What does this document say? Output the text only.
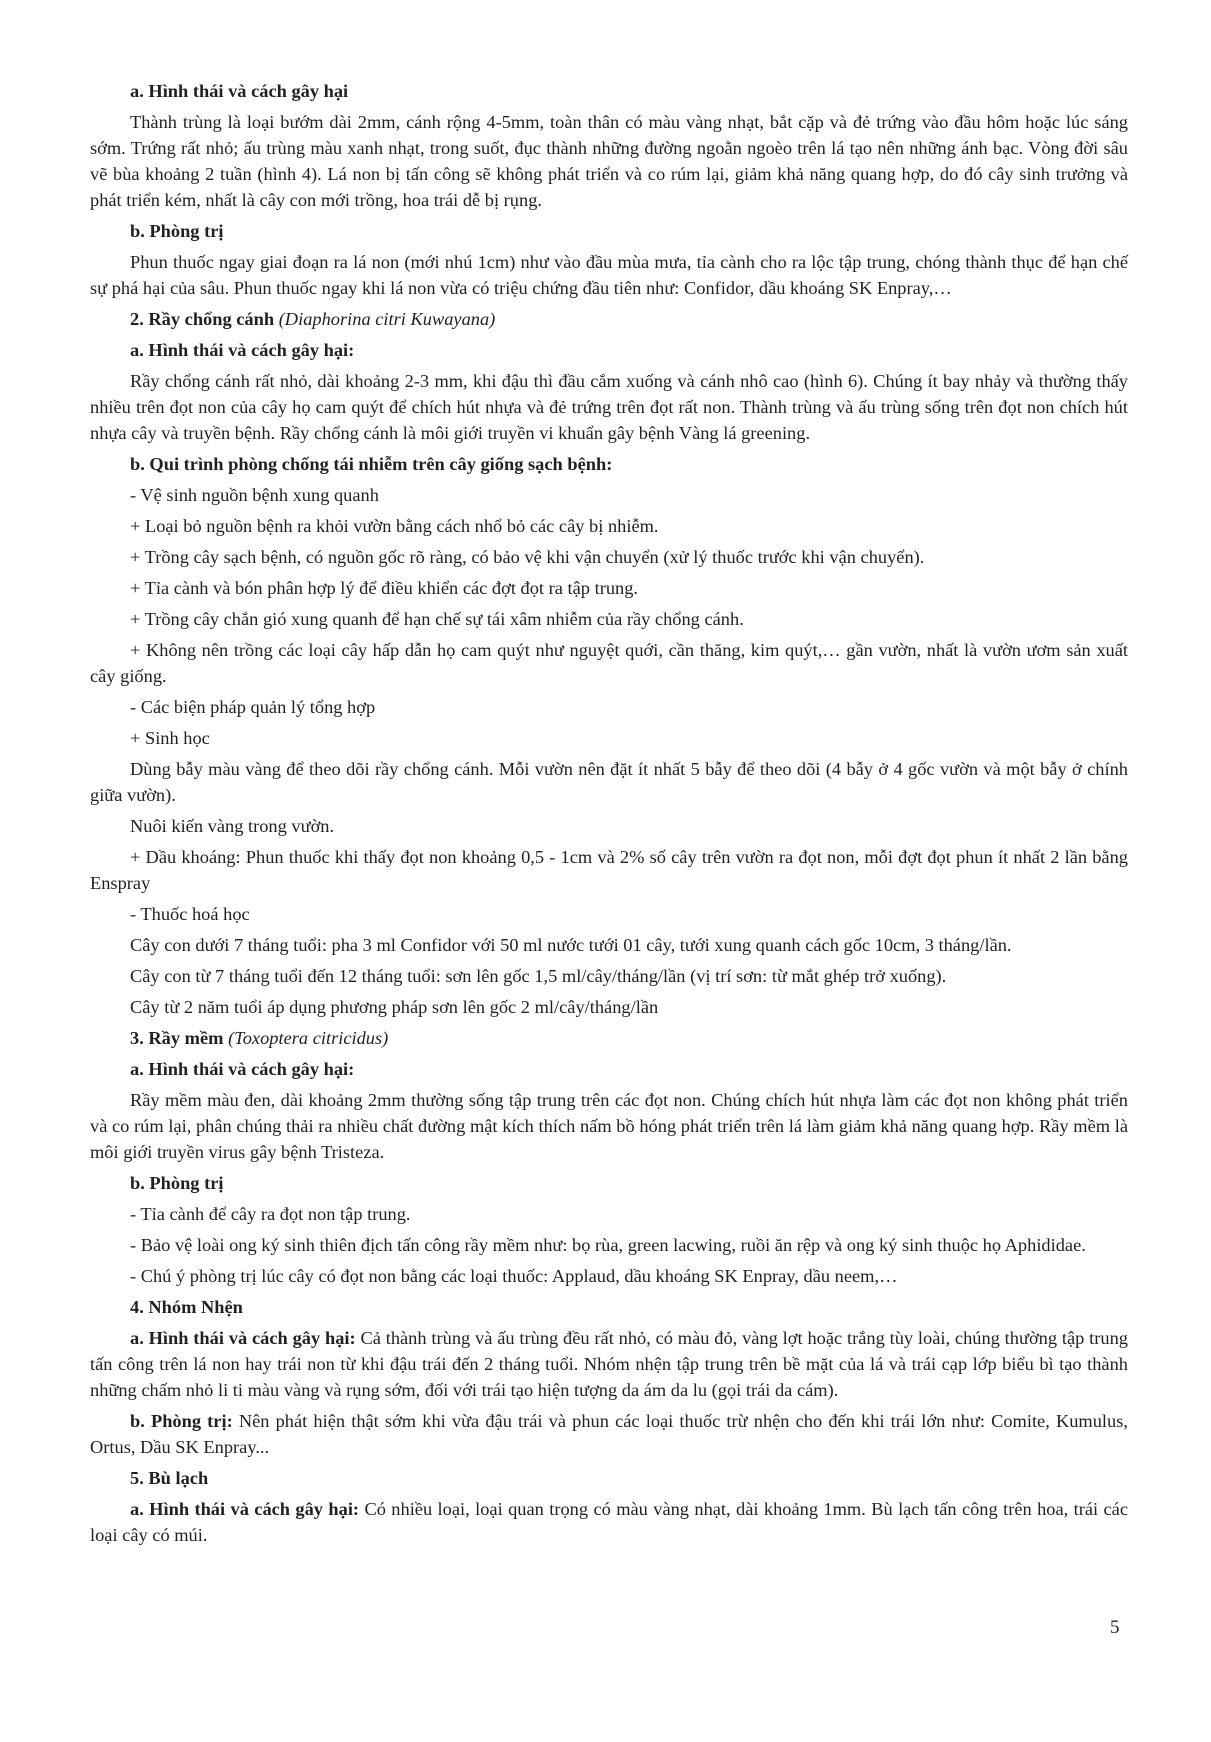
a. Hình thái và cách gây hại
Thành trùng là loại bướm dài 2mm, cánh rộng 4-5mm, toàn thân có màu vàng nhạt, bắt cặp và đẻ trứng vào đầu hôm hoặc lúc sáng sớm. Trứng rất nhỏ; ấu trùng màu xanh nhạt, trong suốt, đục thành những đường ngoằn ngoèo trên lá tạo nên những ánh bạc. Vòng đời sâu vẽ bùa khoảng 2 tuần (hình 4). Lá non bị tấn công sẽ không phát triển và co rúm lại, giảm khả năng quang hợp, do đó cây sinh trưởng và phát triển kém, nhất là cây con mới trồng, hoa trái dễ bị rụng.
b. Phòng trị
Phun thuốc ngay giai đoạn ra lá non (mới nhú 1cm) như vào đầu mùa mưa, tỉa cành cho ra lộc tập trung, chóng thành thục để hạn chế sự phá hại của sâu. Phun thuốc ngay khi lá non vừa có triệu chứng đầu tiên như: Confidor, dầu khoáng SK Enpray,…
2. Rầy chổng cánh (Diaphorina citri Kuwayana)
a. Hình thái và cách gây hại:
Rầy chổng cánh rất nhỏ, dài khoảng 2-3 mm, khi đậu thì đầu cắm xuống và cánh nhô cao (hình 6). Chúng ít bay nhảy và thường thấy nhiều trên đọt non của cây họ cam quýt để chích hút nhựa và đẻ trứng trên đọt rất non. Thành trùng và ấu trùng sống trên đọt non chích hút nhựa cây và truyền bệnh. Rầy chổng cánh là môi giới truyền vi khuẩn gây bệnh Vàng lá greening.
b. Qui trình phòng chống tái nhiễm trên cây giống sạch bệnh:
- Vệ sinh nguồn bệnh xung quanh
+ Loại bỏ nguồn bệnh ra khỏi vườn bằng cách nhổ bỏ các cây bị nhiễm.
+ Trồng cây sạch bệnh, có nguồn gốc rõ ràng, có bảo vệ khi vận chuyển (xử lý thuốc trước khi vận chuyển).
+ Tỉa cành và bón phân hợp lý để điều khiển các đợt đọt ra tập trung.
+ Trồng cây chắn gió xung quanh để hạn chế sự tái xâm nhiễm của rầy chổng cánh.
+ Không nên trồng các loại cây hấp dẫn họ cam quýt như nguyệt quới, cần thăng, kim quýt,… gần vườn, nhất là vườn ươm sản xuất cây giống.
- Các biện pháp quản lý tổng hợp
+ Sinh học
Dùng bẫy màu vàng để theo dõi rầy chổng cánh. Mỗi vườn nên đặt ít nhất 5 bẫy để theo dõi (4 bẫy ở 4 gốc vườn và một bẫy ở chính giữa vườn).
Nuôi kiến vàng trong vườn.
+ Dầu khoáng: Phun thuốc khi thấy đọt non khoảng 0,5 - 1cm và 2% số cây trên vườn ra đọt non, mỗi đợt đọt phun ít nhất 2 lần bằng Enspray
- Thuốc hoá học
Cây con dưới 7 tháng tuổi: pha 3 ml Confidor với 50 ml nước tưới 01 cây, tưới xung quanh cách gốc 10cm, 3 tháng/lần.
Cây con từ 7 tháng tuổi đến 12 tháng tuổi: sơn lên gốc 1,5 ml/cây/tháng/lần (vị trí sơn: từ mắt ghép trở xuống).
Cây từ 2 năm tuổi áp dụng phương pháp sơn lên gốc 2 ml/cây/tháng/lần
3. Rầy mềm (Toxoptera citricidus)
a. Hình thái và cách gây hại:
Rầy mềm màu đen, dài khoảng 2mm thường sống tập trung trên các đọt non. Chúng chích hút nhựa làm các đọt non không phát triển và co rúm lại, phân chúng thải ra nhiều chất đường mật kích thích nấm bồ hóng phát triển trên lá làm giảm khả năng quang hợp. Rầy mềm là môi giới truyền virus gây bệnh Tristeza.
b. Phòng trị
- Tỉa cành để cây ra đọt non tập trung.
- Bảo vệ loài ong ký sinh thiên địch tấn công rầy mềm như: bọ rùa, green lacwing, ruồi ăn rệp và ong ký sinh thuộc họ Aphididae.
- Chú ý phòng trị lúc cây có đọt non bằng các loại thuốc: Applaud, dầu khoáng SK Enpray, dầu neem,…
4. Nhóm Nhện
a. Hình thái và cách gây hại: Cả thành trùng và ấu trùng đều rất nhỏ, có màu đỏ, vàng lợt hoặc trắng tùy loài, chúng thường tập trung tấn công trên lá non hay trái non từ khi đậu trái đến 2 tháng tuổi. Nhóm nhện tập trung trên bề mặt của lá và trái cạp lớp biểu bì tạo thành những chấm nhỏ li ti màu vàng và rụng sớm, đối với trái tạo hiện tượng da ám da lu (gọi trái da cám).
b. Phòng trị: Nên phát hiện thật sớm khi vừa đậu trái và phun các loại thuốc trừ nhện cho đến khi trái lớn như: Comite, Kumulus, Ortus, Dầu SK Enpray...
5. Bù lạch
a. Hình thái và cách gây hại: Có nhiều loại, loại quan trọng có màu vàng nhạt, dài khoảng 1mm. Bù lạch tấn công trên hoa, trái các loại cây có múi.
5
